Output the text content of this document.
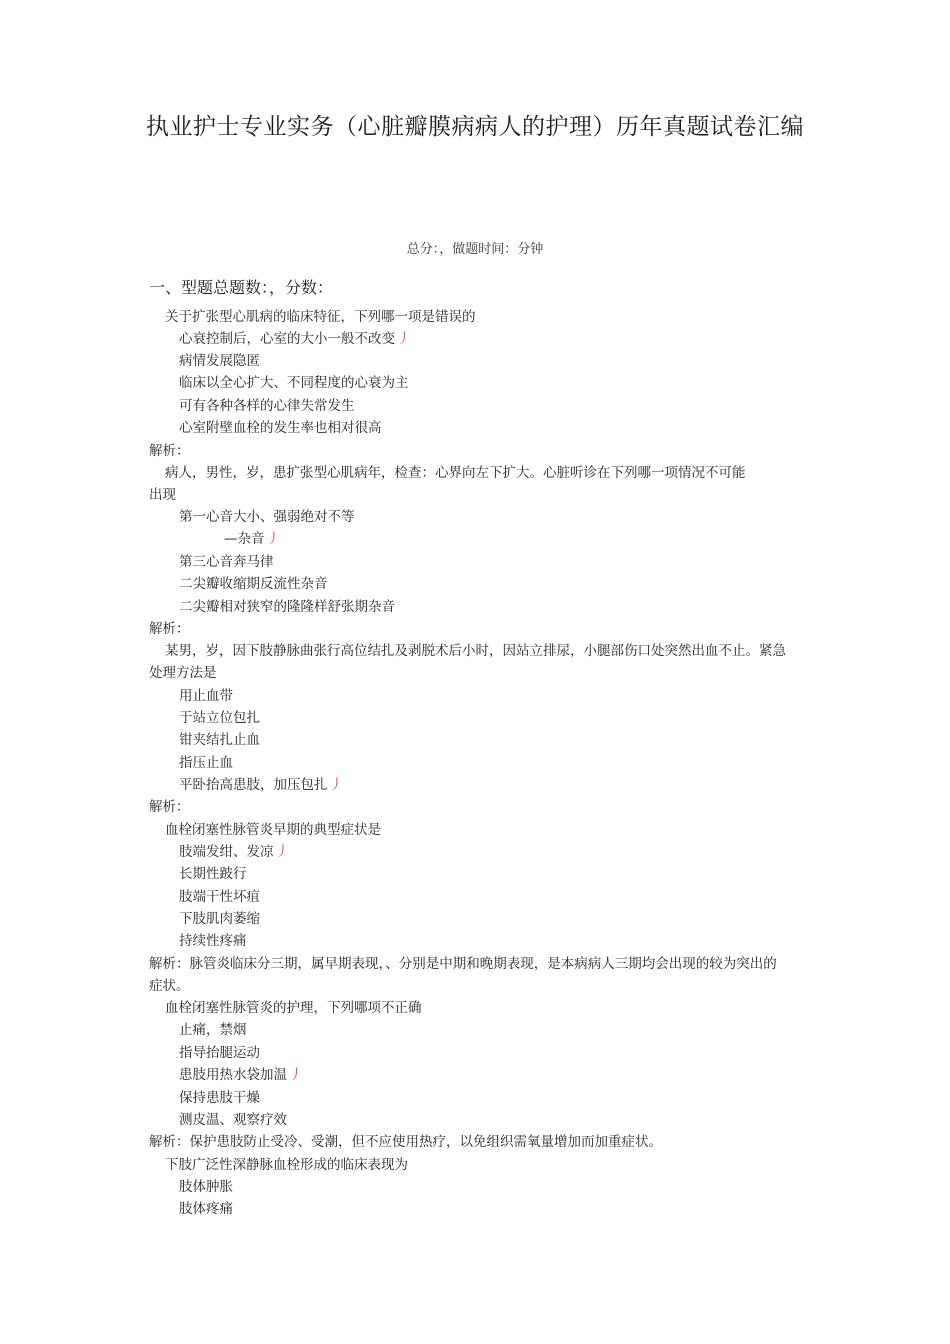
执业护士专业实务（心脏瓣膜病病人的护理）历年真题试卷汇编
总分：，做题时间：分钟
一、型题总题数：，分数：
关于扩张型心肌病的临床特征，下列哪一项是错误的
心衰控制后，心室的大小一般不改变 丿
病情发展隐匿
临床以全心扩大、不同程度的心衰为主
可有各种各样的心律失常发生
心室附壁血栓的发生率也相对很高
解析：
病人，男性，岁，患扩张型心肌病年，检查：心界向左下扩大。心脏听诊在下列哪一项情况不可能
出现
第一心音大小、强弱绝对不等
—杂音 丿
第三心音奔马律
二尖瓣收缩期反流性杂音
二尖瓣相对狭窄的隆隆样舒张期杂音
解析：
某男，岁，因下肢静脉曲张行高位结扎及剥脱术后小时，因站立排尿，小腿部伤口处突然出血不止。紧急
处理方法是
用止血带
于站立位包扎
钳夹结扎止血
指压止血
平卧抬高患肢，加压包扎 丿
解析：
血栓闭塞性脉管炎早期的典型症状是
肢端发绀、发凉 丿
长期性跛行
肢端干性坏疽
下肢肌肉萎缩
持续性疼痛
解析：脉管炎临床分三期，属早期表现，、分别是中期和晚期表现，是本病病人三期均会出现的较为突出的
症状。
血栓闭塞性脉管炎的护理，下列哪项不正确
止痛，禁烟
指导抬腿运动
患肢用热水袋加温 丿
保持患肢干燥
测皮温、观察疗效
解析：保护患肢防止受冷、受潮，但不应使用热疗，以免组织需氧量增加而加重症状。
下肢广泛性深静脉血栓形成的临床表现为
肢体肿胀
肢体疼痛
